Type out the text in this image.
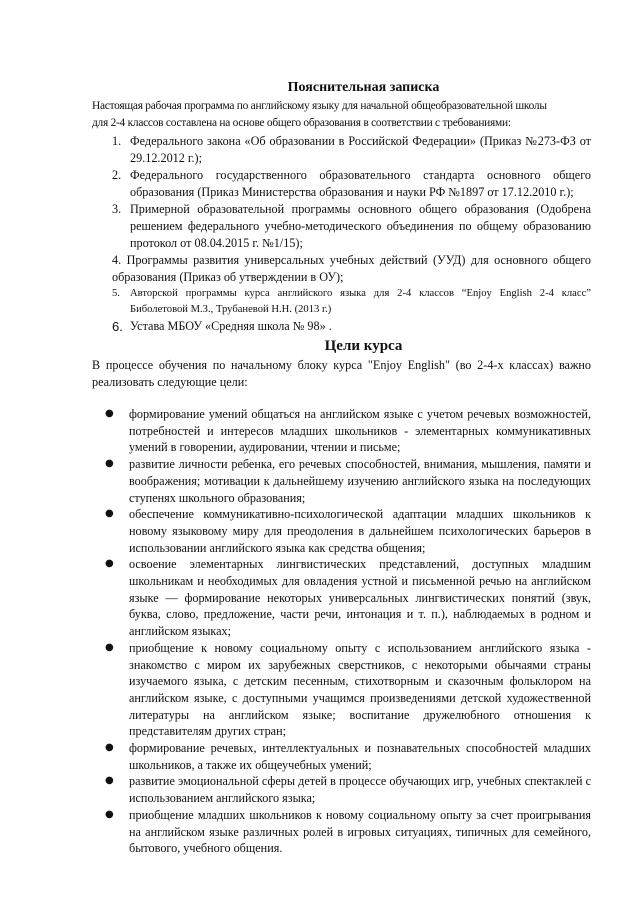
Пояснительная записка

Настоящая рабочая программа по английскому языку для начальной общеобразовательной школы
для 2-4 классов составлена на основе общего образования в соответствии с требованиями:

1. Федерального закона «Об образовании в Российской Федерации» (Приказ №273-ФЗ от 29.12.2012 г.);
2. Федерального государственного образовательного стандарта основного общего образования (Приказ Министерства образования и науки РФ №1897 от 17.12.2010 г.);
3. Примерной образовательной программы основного общего образования (Одобрена решением федерального учебно-методического объединения по общему образованию протокол от 08.04.2015 г. №1/15);
4. Программы развития универсальных учебных действий (УУД) для основного общего образования (Приказ об утверждении в ОУ);
5. Авторской программы курса английского языка для 2-4 классов “Enjoy English 2-4 класс” Биболетовой М.З., Трубаневой Н.Н. (2013 г.)
6. Устава МБОУ «Средняя школа № 98» .
Цели курса

В процессе обучения по начальному блоку курса "Enjoy English" (во 2-4-х классах) важно реализовать следующие цели:

● формирование умений общаться на английском языке с учетом речевых возможностей, потребностей и интересов младших школьников - элементарных коммуникативных умений в говорении, аудировании, чтении и письме;
● развитие личности ребенка, его речевых способностей, внимания, мышления, памяти и воображения; мотивации к дальнейшему изучению английского языка на последующих ступенях школьного образования;
● обеспечение коммуникативно-психологической адаптации младших школьников к новому языковому миру для преодоления в дальнейшем психологических барьеров в использовании английского языка как средства общения;
● освоение элементарных лингвистических представлений, доступных младшим школьникам и необходимых для овладения устной и письменной речью на английском языке — формирование некоторых универсальных лингвистических понятий (звук, буква, слово, предложение, части речи, интонация и т. п.), наблюдаемых в родном и английском языках;
● приобщение к новому социальному опыту с использованием английского языка - знакомство с миром их зарубежных сверстников, с некоторыми обычаями страны изучаемого языка, с детским песенным, стихотворным и сказочным фольклором на английском языке, с доступными учащимся произведениями детской художественной литературы на английском языке; воспитание дружелюбного отношения к представителям других стран;
● формирование речевых, интеллектуальных и познавательных способностей младших школьников, а также их общеучебных умений;
● развитие эмоциональной сферы детей в процессе обучающих игр, учебных спектаклей с использованием английского языка;
● приобщение младших школьников к новому социальному опыту за счет проигрывания на английском языке различных ролей в игровых ситуациях, типичных для семейного, бытового, учебного общения.
